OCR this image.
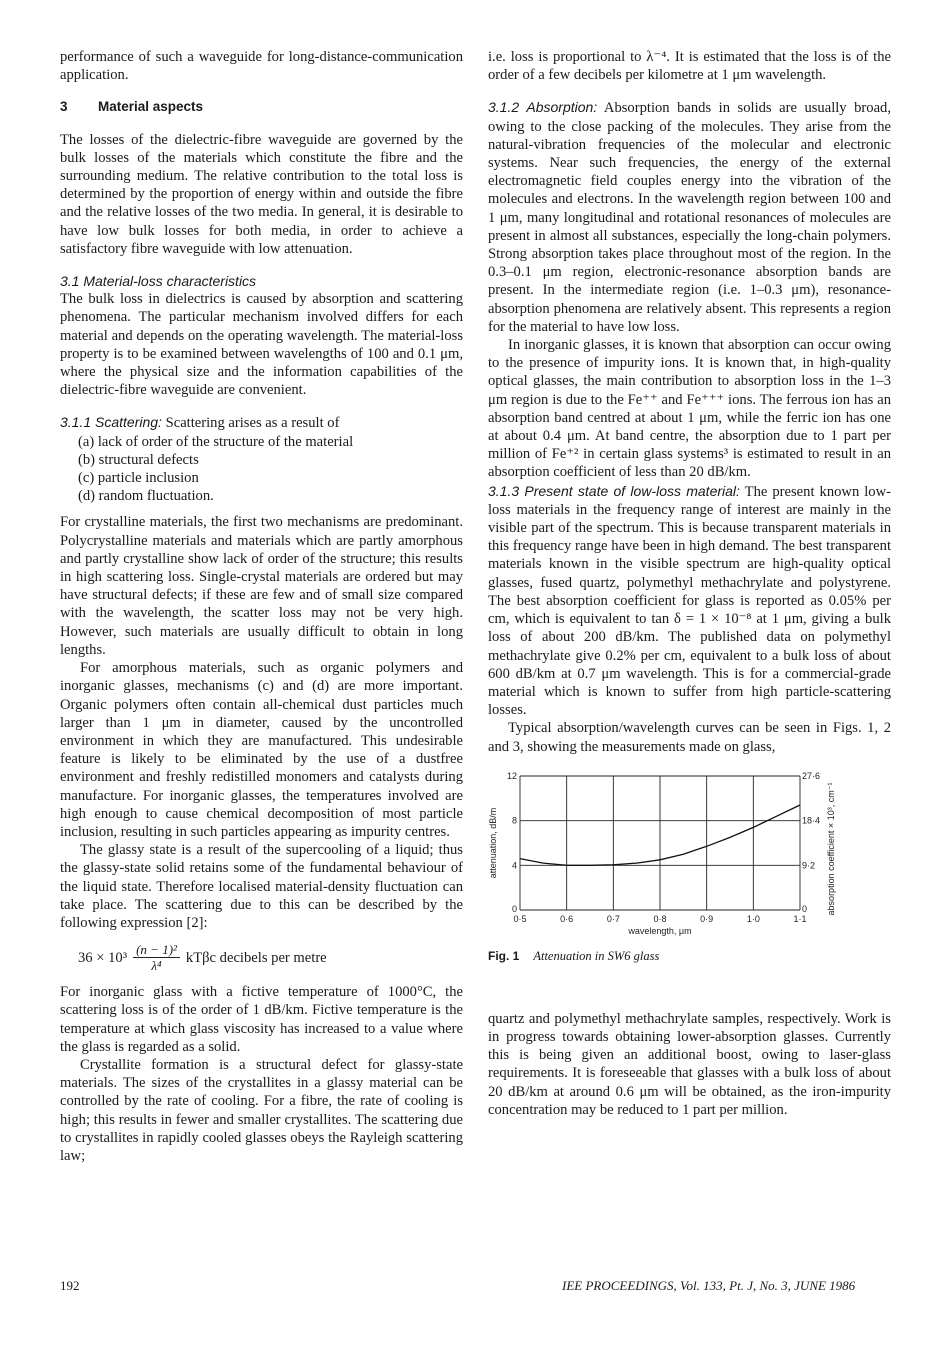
performance of such a waveguide for long-distance-communication application.

3 Material aspects

The losses of the dielectric-fibre waveguide are governed by the bulk losses of the materials which constitute the fibre and the surrounding medium. The relative contribution to the total loss is determined by the proportion of energy within and outside the fibre and the relative losses of the two media. In general, it is desirable to have low bulk losses for both media, in order to achieve a satisfactory fibre waveguide with low attenuation.

3.1 Material-loss characteristics

The bulk loss in dielectrics is caused by absorption and scattering phenomena. The particular mechanism involved differs for each material and depends on the operating wavelength. The material-loss property is to be examined between wavelengths of 100 and 0.1 μm, where the physical size and the information capabilities of the dielectric-fibre waveguide are convenient.

3.1.1 Scattering: Scattering arises as a result of

(a) lack of order of the structure of the material
(b) structural defects
(c) particle inclusion
(d) random fluctuation.

For crystalline materials, the first two mechanisms are predominant. Polycrystalline materials and materials which are partly amorphous and partly crystalline show lack of order of the structure; this results in high scattering loss. Single-crystal materials are ordered but may have structural defects; if these are few and of small size compared with the wavelength, the scatter loss may not be very high. However, such materials are usually difficult to obtain in long lengths.

For amorphous materials, such as organic polymers and inorganic glasses, mechanisms (c) and (d) are more important. Organic polymers often contain all-chemical dust particles much larger than 1 μm in diameter, caused by the uncontrolled environment in which they are manufactured. This undesirable feature is likely to be eliminated by the use of a dustfree environment and freshly redistilled monomers and catalysts during manufacture. For inorganic glasses, the temperatures involved are high enough to cause chemical decomposition of most particle inclusion, resulting in such particles appearing as impurity centres.

The glassy state is a result of the supercooling of a liquid; thus the glassy-state solid retains some of the fundamental behaviour of the liquid state. Therefore localised material-density fluctuation can take place. The scattering due to this can be described by the following expression [2]:

$36 \times 10^3 \frac{\text{(n − 1)²}}{\text{λ⁴}}$ kTβc decibels per metre

For inorganic glass with a fictive temperature of 1000°C, the scattering loss is of the order of 1 dB/km. Fictive temperature is the temperature at which glass viscosity has increased to a value where the glass is regarded as a solid.

Crystallite formation is a structural defect for glassy-state materials. The sizes of the crystallites in a glassy material can be controlled by the rate of cooling. For a fibre, the rate of cooling is high; this results in fewer and smaller crystallites. The scattering due to crystallites in rapidly cooled glasses obeys the Rayleigh scattering law;

i.e. loss is proportional to λ⁻⁴. It is estimated that the loss is of the order of a few decibels per kilometre at 1 μm wavelength.

3.1.2 Absorption: Absorption bands in solids are usually broad, owing to the close packing of the molecules. They arise from the natural-vibration frequencies of the molecular and electronic systems. Near such frequencies, the energy of the external electromagnetic field couples energy into the vibration of the molecules and electrons. In the wavelength region between 100 and 1 μm, many longitudinal and rotational resonances of molecules are present in almost all substances, especially the long-chain polymers. Strong absorption takes place throughout most of the region. In the 0.3–0.1 μm region, electronic-resonance absorption bands are present. In the intermediate region (i.e. 1–0.3 μm), resonance-absorption phenomena are relatively absent. This represents a region for the material to have low loss.

In inorganic glasses, it is known that absorption can occur owing to the presence of impurity ions. It is known that, in high-quality optical glasses, the main contribution to absorption loss in the 1–3 μm region is due to the Fe⁺⁺ and Fe⁺⁺⁺ ions. The ferrous ion has an absorption band centred at about 1 μm, while the ferric ion has one at about 0.4 μm. At band centre, the absorption due to 1 part per million of Fe⁺² in certain glass systems³ is estimated to result in an absorption coefficient of less than 20 dB/km.

3.1.3 Present state of low-loss material: The present known low-loss materials in the frequency range of interest are mainly in the visible part of the spectrum. This is because transparent materials in this frequency range have been in high demand. The best transparent materials known in the visible spectrum are high-quality optical glasses, fused quartz, polymethyl methachrylate and polystyrene. The best absorption coefficient for glass is reported as 0.05% per cm, which is equivalent to tan δ = 1 × 10⁻⁸ at 1 μm, giving a bulk loss of about 200 dB/km. The published data on polymethyl methachrylate give 0.2% per cm, equivalent to a bulk loss of about 600 dB/km at 0.7 μm wavelength. This is for a commercial-grade material which is known to suffer from high particle-scattering losses.

Typical absorption/wavelength curves can be seen in Figs. 1, 2 and 3, showing the measurements made on glass,

0·5	0·6	0·7	0·8	0·9	1·0	1·1
4	9·2
8	18·4
12	27·6
0	0
wavelength, μm
attenuation, dB/m	absorption coefficient × 10³, cm⁻¹
Fig. 1 Attenuation in SW6 glass

quartz and polymethyl methachrylate samples, respectively. Work is in progress towards obtaining lower-absorption glasses. Currently this is being given an additional boost, owing to laser-glass requirements. It is foreseeable that glasses with a bulk loss of about 20 dB/km at around 0.6 μm will be obtained, as the iron-impurity concentration may be reduced to 1 part per million.

192	IEE PROCEEDINGS, Vol. 133, Pt. J, No. 3, JUNE 1986
